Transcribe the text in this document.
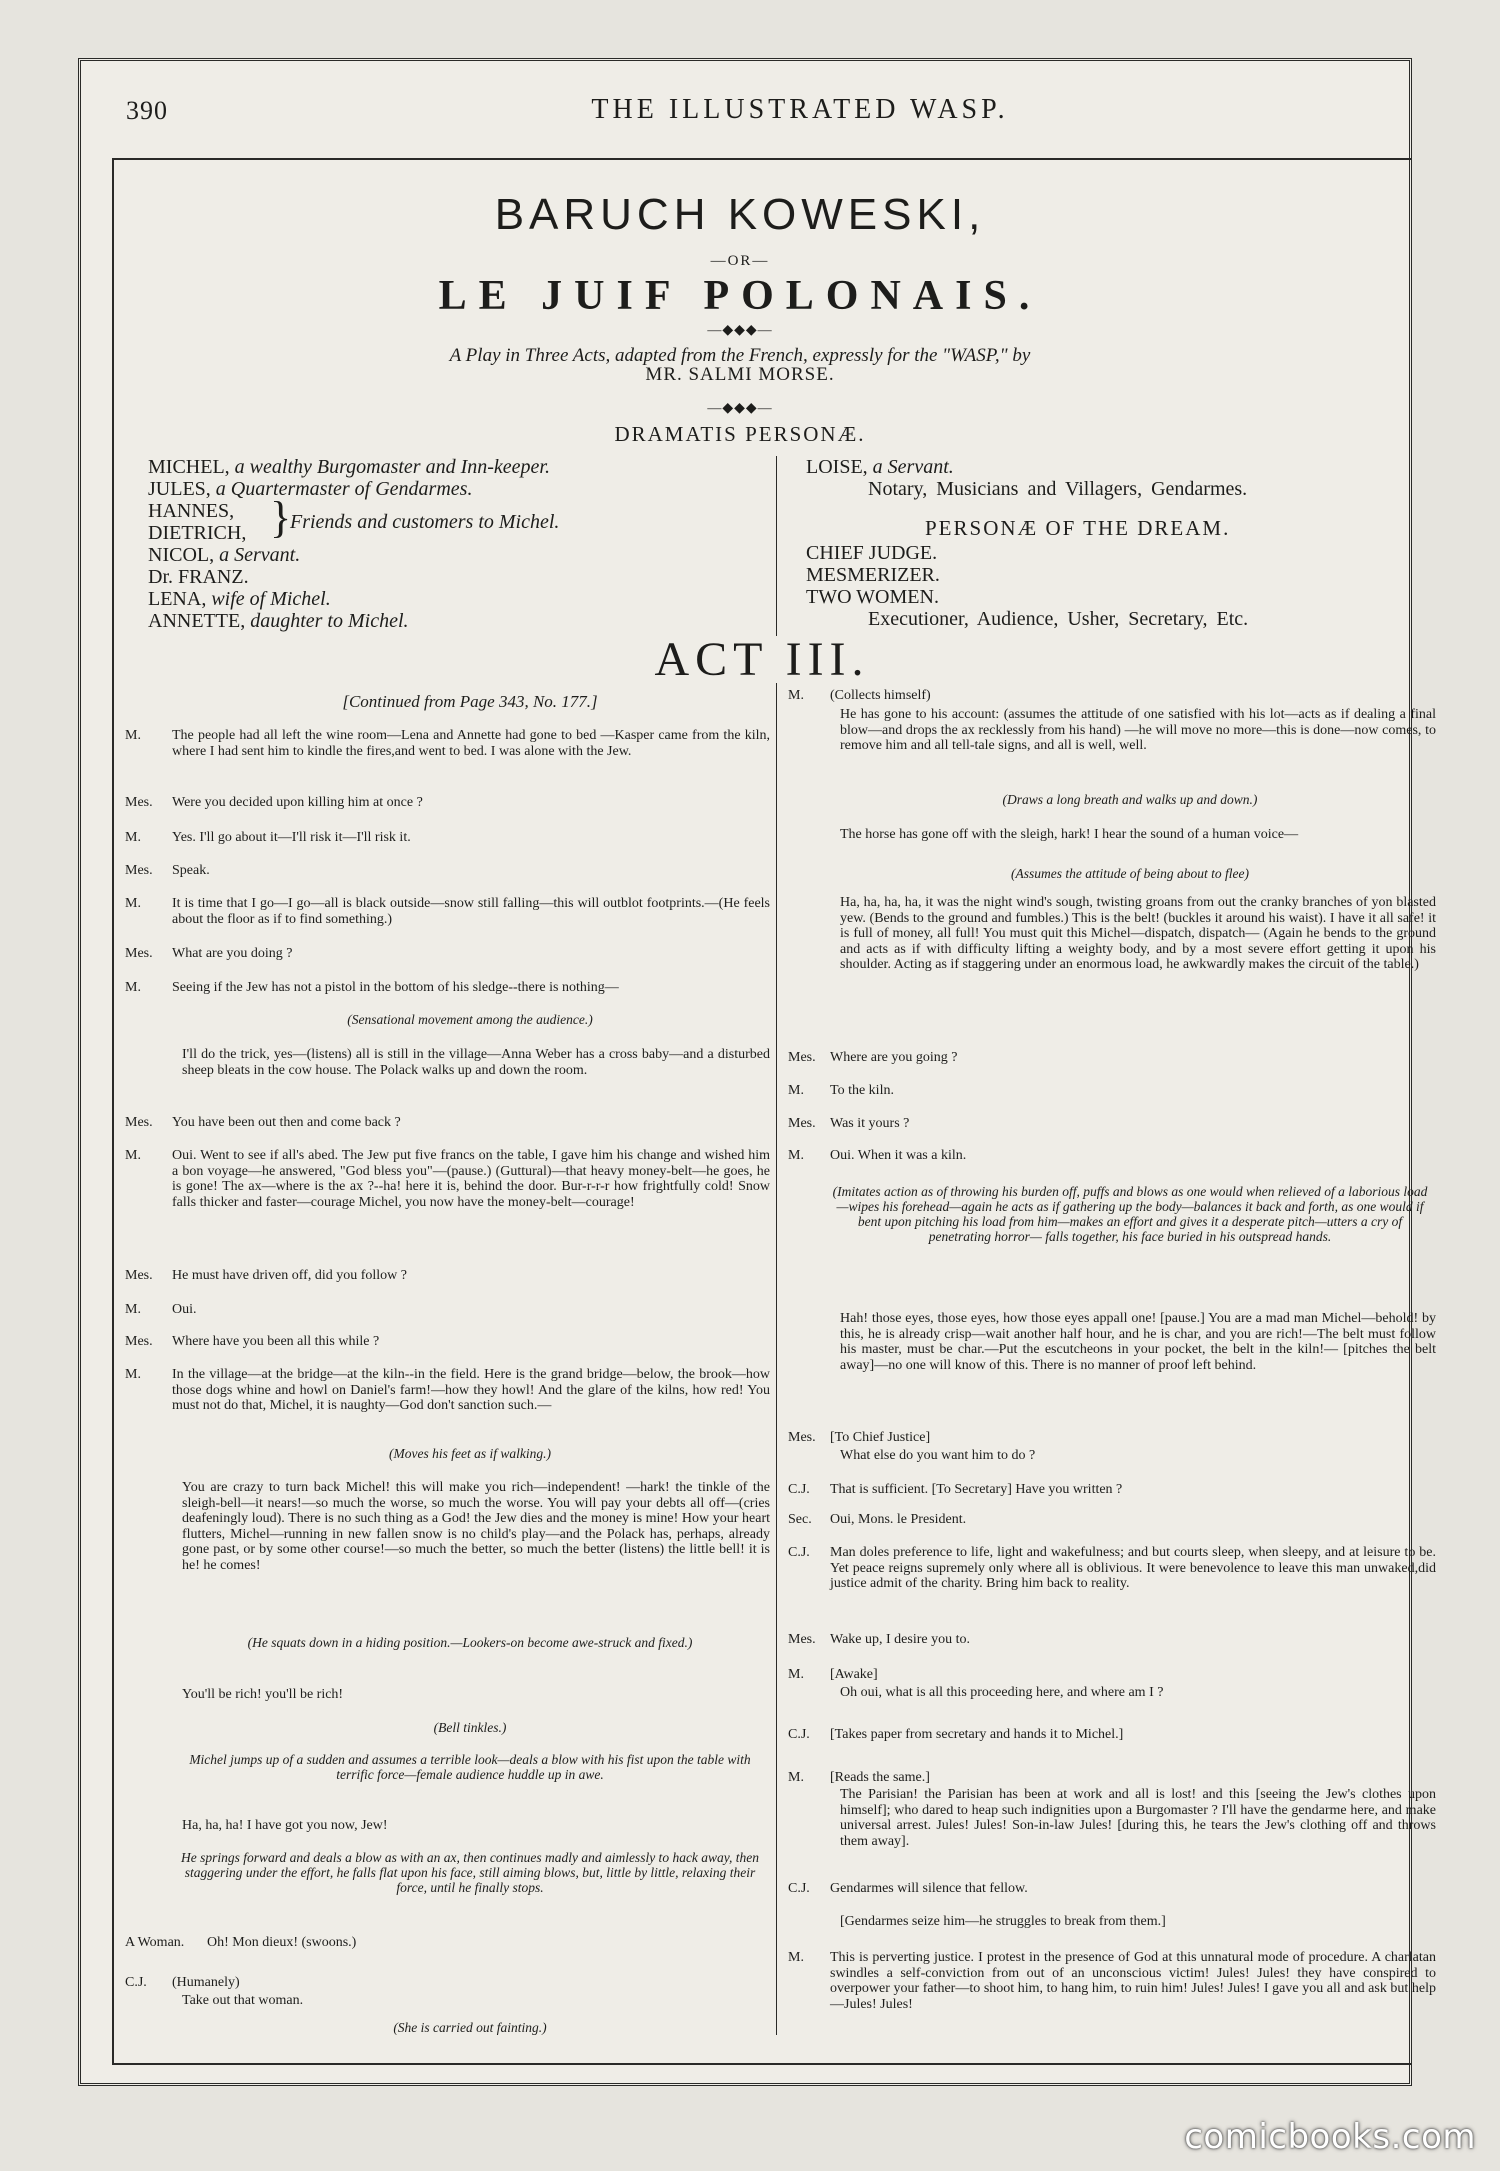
390	THE ILLUSTRATED WASP.
BARUCH KOWESKI,
—OR—
LE JUIF POLONAIS.
—◆◆◆—
A Play in Three Acts, adapted from the French, expressly for the "WASP," by
MR. SALMI MORSE.
—◆◆◆—
DRAMATIS PERSONÆ.
MICHEL, a wealthy Burgomaster and Inn-keeper.
JULES, a Quartermaster of Gendarmes.
HANNES,
DIETRICH, }
Friends and customers to Michel.
NICOL, a Servant.
Dr. FRANZ.
LENA, wife of Michel.
ANNETTE, daughter to Michel.
LOISE, a Servant.
Notary, Musicians and Villagers, Gendarmes.
PERSONÆ OF THE DREAM.
CHIEF JUDGE.
MESMERIZER.
TWO WOMEN.
Executioner, Audience, Usher, Secretary, Etc.
ACT III.
[Continued from Page 343, No. 177.]
M. The people had all left the wine room—Lena and Annette had gone to bed —Kasper came from the kiln, where I had sent him to kindle the fires,and went to bed. I was alone with the Jew.
Mes. Were you decided upon killing him at once ?
M. Yes. I'll go about it—I'll risk it—I'll risk it.
Mes. Speak.
M. It is time that I go—I go—all is black outside—snow still falling—this will outblot footprints.—(He feels about the floor as if to find something.)
Mes. What are you doing ?
M. Seeing if the Jew has not a pistol in the bottom of his sledge--there is nothing—
(Sensational movement among the audience.)
I'll do the trick, yes—(listens) all is still in the village—Anna Weber has a cross baby—and a disturbed sheep bleats in the cow house. The Polack walks up and down the room.
Mes. You have been out then and come back ?
M. Oui. Went to see if all's abed. The Jew put five francs on the table, I gave him his change and wished him a bon voyage—he answered, "God bless you"—(pause.) (Guttural)—that heavy money-belt—he goes, he is gone! The ax—where is the ax ?--ha! here it is, behind the door. Bur-r-r-r how frightfully cold! Snow falls thicker and faster—courage Michel, you now have the money-belt—courage!
Mes. He must have driven off, did you follow ?
M. Oui.
Mes. Where have you been all this while ?
M. In the village—at the bridge—at the kiln--in the field. Here is the grand bridge—below, the brook—how those dogs whine and howl on Daniel's farm!—how they howl! And the glare of the kilns, how red! You must not do that, Michel, it is naughty—God don't sanction such.—
(Moves his feet as if walking.)
You are crazy to turn back Michel! this will make you rich—independent! —hark! the tinkle of the sleigh-bell—it nears!—so much the worse, so much the worse. You will pay your debts all off—(cries deafeningly loud). There is no such thing as a God! the Jew dies and the money is mine! How your heart flutters, Michel—running in new fallen snow is no child's play—and the Polack has, perhaps, already gone past, or by some other course!—so much the better, so much the better (listens) the little bell! it is he! he comes!
(He squats down in a hiding position.—Lookers-on become awe-struck and fixed.)
You'll be rich! you'll be rich!
(Bell tinkles.)
Michel jumps up of a sudden and assumes a terrible look—deals a blow with his fist upon the table with terrific force—female audience huddle up in awe.
Ha, ha, ha! I have got you now, Jew!
He springs forward and deals a blow as with an ax, then continues madly and aimlessly to hack away, then staggering under the effort, he falls flat upon his face, still aiming blows, but, little by little, relaxing their force, until he finally stops.
A Woman. Oh! Mon dieux! (swoons.)
C.J. (Humanely)
Take out that woman.
(She is carried out fainting.)
M. (Collects himself)
He has gone to his account: (assumes the attitude of one satisfied with his lot—acts as if dealing a final blow—and drops the ax recklessly from his hand) —he will move no more—this is done—now comes, to remove him and all tell-tale signs, and all is well, well.
(Draws a long breath and walks up and down.)
The horse has gone off with the sleigh, hark! I hear the sound of a human voice—
(Assumes the attitude of being about to flee)
Ha, ha, ha, ha, it was the night wind's sough, twisting groans from out the cranky branches of yon blasted yew. (Bends to the ground and fumbles.) This is the belt! (buckles it around his waist). I have it all safe! it is full of money, all full! You must quit this Michel—dispatch, dispatch— (Again he bends to the ground and acts as if with difficulty lifting a weighty body, and by a most severe effort getting it upon his shoulder. Acting as if staggering under an enormous load, he awkwardly makes the circuit of the table.)
Mes. Where are you going ?
M. To the kiln.
Mes. Was it yours ?
M. Oui. When it was a kiln.
(Imitates action as of throwing his burden off, puffs and blows as one would when relieved of a laborious load—wipes his forehead—again he acts as if gathering up the body—balances it back and forth, as one would if bent upon pitching his load from him—makes an effort and gives it a desperate pitch—utters a cry of penetrating horror— falls together, his face buried in his outspread hands.
Hah! those eyes, those eyes, how those eyes appall one! [pause.] You are a mad man Michel—behold! by this, he is already crisp—wait another half hour, and he is char, and you are rich!—The belt must follow his master, must be char.—Put the escutcheons in your pocket, the belt in the kiln!— [pitches the belt away]—no one will know of this. There is no manner of proof left behind.
Mes. [To Chief Justice]
What else do you want him to do ?
C.J. That is sufficient. [To Secretary] Have you written ?
Sec. Oui, Mons. le President.
C.J. Man doles preference to life, light and wakefulness; and but courts sleep, when sleepy, and at leisure to be. Yet peace reigns supremely only where all is oblivious. It were benevolence to leave this man unwaked,did justice admit of the charity. Bring him back to reality.
Mes. Wake up, I desire you to.
M. [Awake]
Oh oui, what is all this proceeding here, and where am I ?
C.J. [Takes paper from secretary and hands it to Michel.]
M. [Reads the same.]
The Parisian! the Parisian has been at work and all is lost! and this [seeing the Jew's clothes upon himself]; who dared to heap such indignities upon a Burgomaster ? I'll have the gendarme here, and make universal arrest. Jules! Jules! Son-in-law Jules! [during this, he tears the Jew's clothing off and throws them away].
C.J. Gendarmes will silence that fellow.
[Gendarmes seize him—he struggles to break from them.]
M. This is perverting justice. I protest in the presence of God at this unnatural mode of procedure. A charlatan swindles a self-conviction from out of an unconscious victim! Jules! Jules! they have conspired to overpower your father—to shoot him, to hang him, to ruin him! Jules! Jules! I gave you all and ask but help—Jules! Jules!
comicbooks.com
